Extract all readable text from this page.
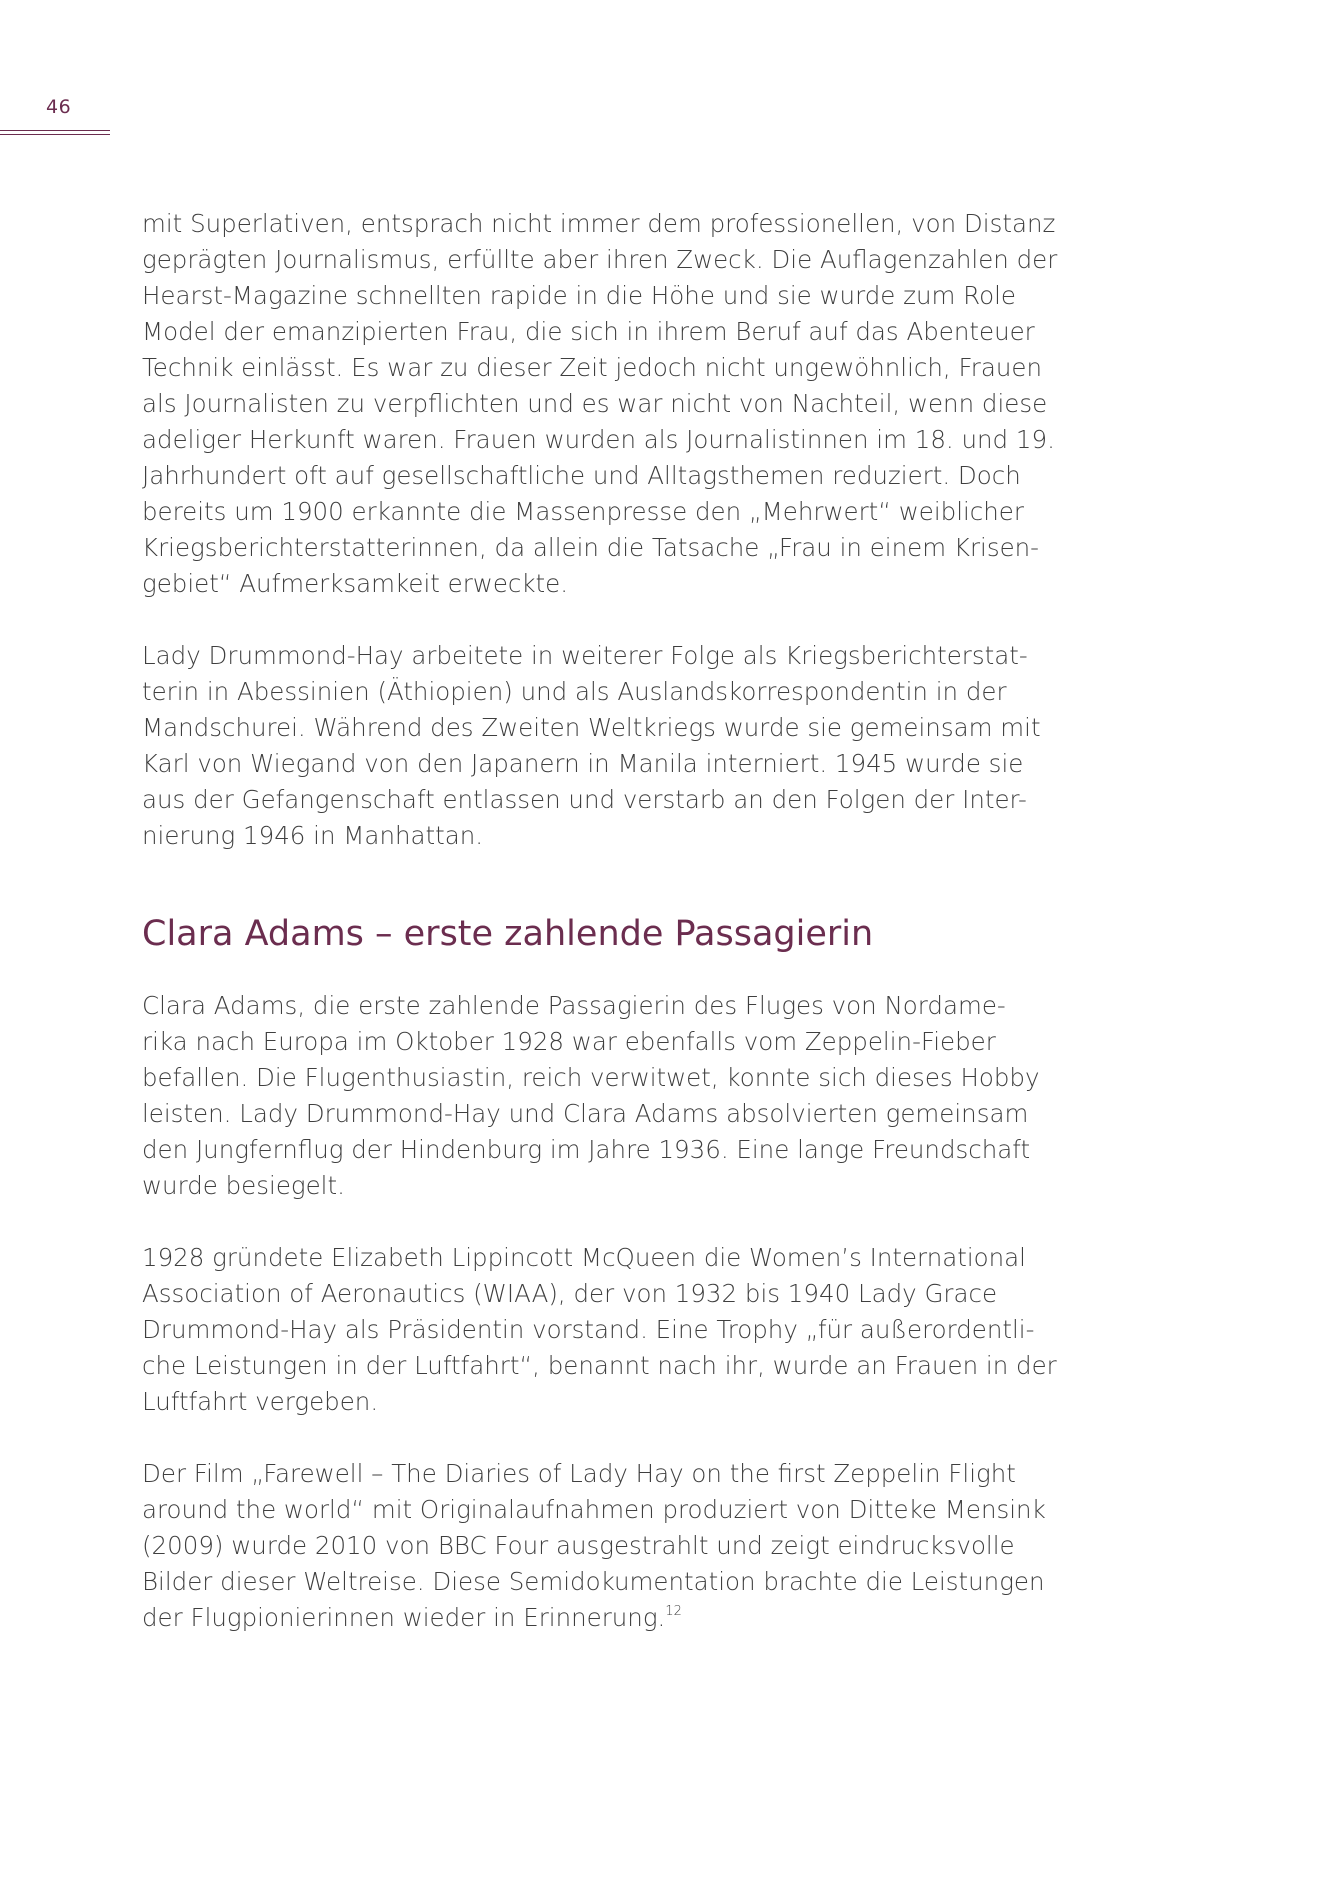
46

mit Superlativen, entsprach nicht immer dem professionellen, von Distanz
geprägten Journalismus, erfüllte aber ihren Zweck. Die Auflagenzahlen der
Hearst-Magazine schnellten rapide in die Höhe und sie wurde zum Role
Model der emanzipierten Frau, die sich in ihrem Beruf auf das Abenteuer
Technik einlässt. Es war zu dieser Zeit jedoch nicht ungewöhnlich, Frauen
als Journalisten zu verpflichten und es war nicht von Nachteil, wenn diese
adeliger Herkunft waren. Frauen wurden als Journalistinnen im 18. und 19.
Jahrhundert oft auf gesellschaftliche und Alltagsthemen reduziert. Doch
bereits um 1900 erkannte die Massenpresse den „Mehrwert“ weiblicher
Kriegsberichterstatterinnen, da allein die Tatsache „Frau in einem Krisen-
gebiet“ Aufmerksamkeit erweckte.

Lady Drummond-Hay arbeitete in weiterer Folge als Kriegsberichterstat-
terin in Abessinien (Äthiopien) und als Auslandskorrespondentin in der
Mandschurei. Während des Zweiten Weltkriegs wurde sie gemeinsam mit
Karl von Wiegand von den Japanern in Manila interniert. 1945 wurde sie
aus der Gefangenschaft entlassen und verstarb an den Folgen der Inter-
nierung 1946 in Manhattan.

Clara Adams – erste zahlende Passagierin

Clara Adams, die erste zahlende Passagierin des Fluges von Nordame-
rika nach Europa im Oktober 1928 war ebenfalls vom Zeppelin-Fieber
befallen. Die Flugenthusiastin, reich verwitwet, konnte sich dieses Hobby
leisten. Lady Drummond-Hay und Clara Adams absolvierten gemeinsam
den Jungfernflug der Hindenburg im Jahre 1936. Eine lange Freundschaft
wurde besiegelt.

1928 gründete Elizabeth Lippincott McQueen die Women’s International
Association of Aeronautics (WIAA), der von 1932 bis 1940 Lady Grace
Drummond-Hay als Präsidentin vorstand. Eine Trophy „für außerordentli-
che Leistungen in der Luftfahrt“, benannt nach ihr, wurde an Frauen in der
Luftfahrt vergeben.

Der Film „Farewell – The Diaries of Lady Hay on the first Zeppelin Flight
around the world“ mit Originalaufnahmen produziert von Ditteke Mensink
(2009) wurde 2010 von BBC Four ausgestrahlt und zeigt eindrucksvolle
Bilder dieser Weltreise. Diese Semidokumentation brachte die Leistungen
der Flugpionierinnen wieder in Erinnerung.$^{12}$
